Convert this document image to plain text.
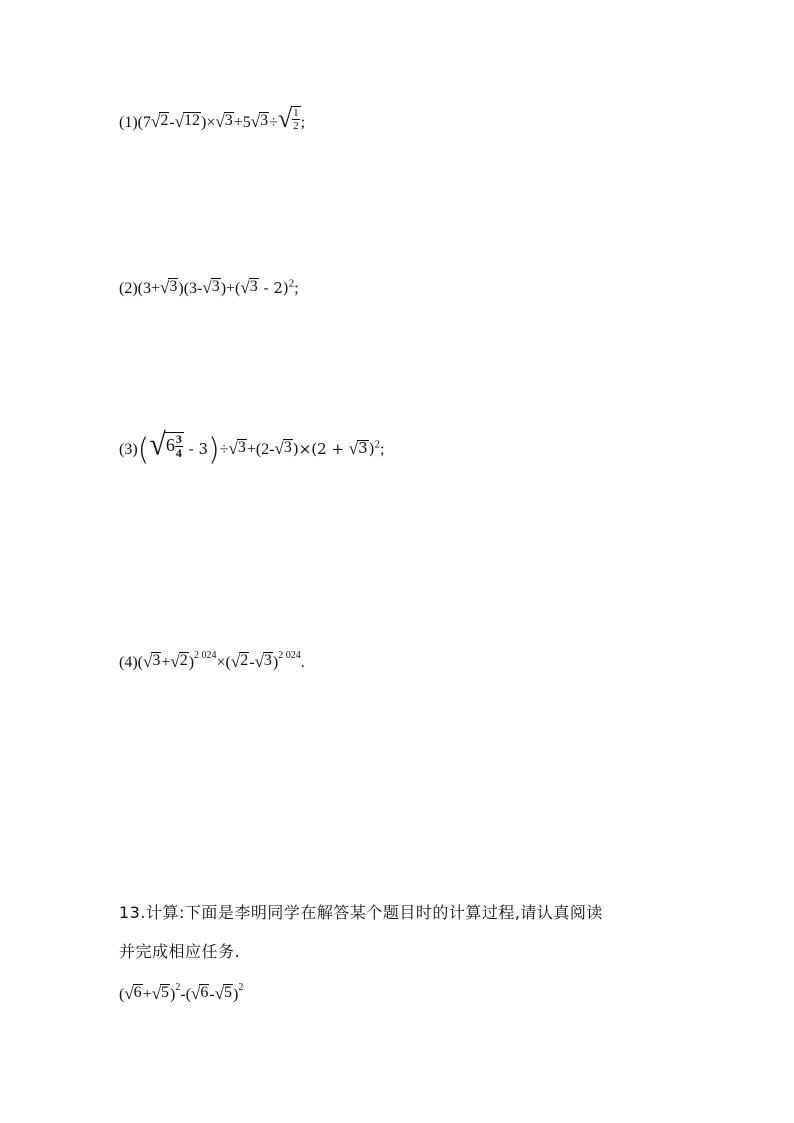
(1)(7 √ 2 - √ 12 )× √ 3 +5 √ 3 ÷ √ $\frac{1}{2}$ ;
(2)(3+ √ 3 )(3- √ 3 )+( √ 3 - 2)$^2$;
(3)( √ $6 \frac{3}{4} - 3)\div$ √ 3 +(2- √ 3 )×(2 + √ 3 )$^2$;
(4)( √ 3 + √ 2 )$^{2 024}$×( √ 2 - √ 3 )$^{2 024}$.
13.计算:下面是李明同学在解答某个题目时的计算过程,请认真阅读
并完成相应任务.
( √ 6 + √ 5 )$^2$-( √ 6 - √ 5 )$^2$
